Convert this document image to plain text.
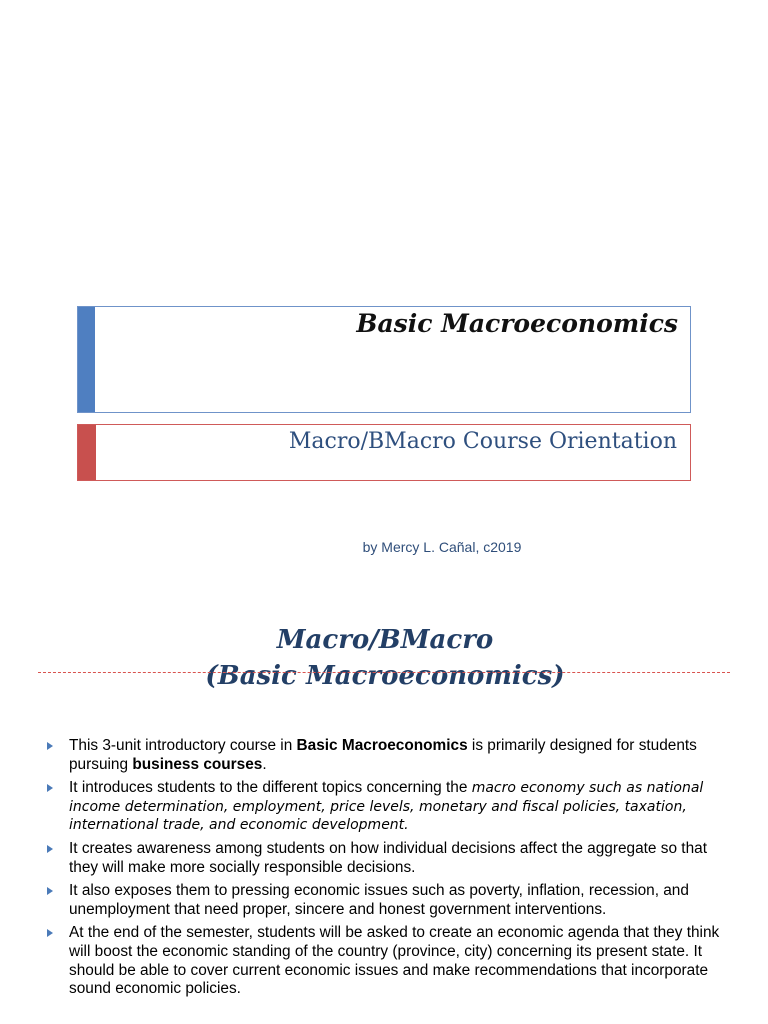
Basic Macroeconomics
Macro/BMacro Course Orientation
by Mercy L. Cañal, c2019
Macro/BMacro
(Basic Macroeconomics)
This 3-unit introductory course in Basic Macroeconomics is primarily designed for students pursuing business courses.
It introduces students to the different topics concerning the macro economy such as national income determination, employment, price levels, monetary and fiscal policies, taxation, international trade, and economic development.
It creates awareness among students on how individual decisions affect the aggregate so that they will make more socially responsible decisions.
It also exposes them to pressing economic issues such as poverty, inflation, recession, and unemployment that need proper, sincere and honest government interventions.
At the end of the semester, students will be asked to create an economic agenda that they think will boost the economic standing of the country (province, city) concerning its present state. It should be able to cover current economic issues and make recommendations that incorporate sound economic policies.
